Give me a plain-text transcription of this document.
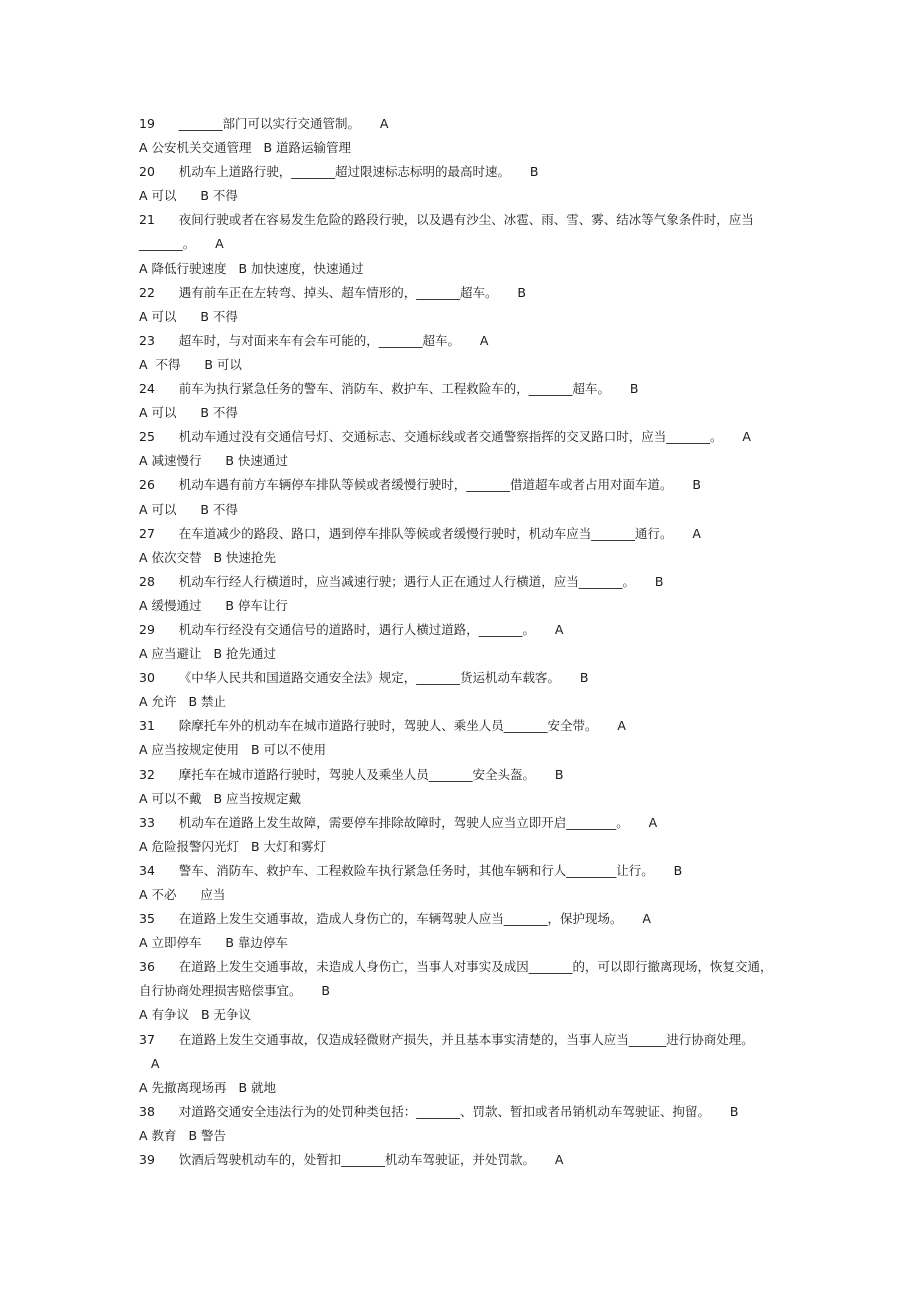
19      _______部门可以实行交通管制。     A
A 公安机关交通管理   B 道路运输管理
20      机动车上道路行驶，_______超过限速标志标明的最高时速。     B
A 可以      B 不得
21      夜间行驶或者在容易发生危险的路段行驶，以及遇有沙尘、冰雹、雨、雪、雾、结冰等气象条件时，应当
_______。     A
A 降低行驶速度   B 加快速度，快速通过
22      遇有前车正在左转弯、掉头、超车情形的，_______超车。     B
A 可以      B 不得
23      超车时，与对面来车有会车可能的，_______超车。     A
A  不得      B 可以
24      前车为执行紧急任务的警车、消防车、救护车、工程救险车的，_______超车。     B
A 可以      B 不得
25      机动车通过没有交通信号灯、交通标志、交通标线或者交通警察指挥的交叉路口时，应当_______。     A
A 减速慢行      B 快速通过
26      机动车遇有前方车辆停车排队等候或者缓慢行驶时，_______借道超车或者占用对面车道。     B
A 可以      B 不得
27      在车道减少的路段、路口，遇到停车排队等候或者缓慢行驶时，机动车应当_______通行。     A
A 依次交替   B 快速抢先
28      机动车行经人行横道时，应当减速行驶；遇行人正在通过人行横道，应当_______。     B
A 缓慢通过      B 停车让行
29      机动车行经没有交通信号的道路时，遇行人横过道路，_______。     A
A 应当避让   B 抢先通过
30      《中华人民共和国道路交通安全法》规定，_______货运机动车载客。     B
A 允许   B 禁止
31      除摩托车外的机动车在城市道路行驶时，驾驶人、乘坐人员_______安全带。     A
A 应当按规定使用   B 可以不使用
32      摩托车在城市道路行驶时，驾驶人及乘坐人员_______安全头盔。     B
A 可以不戴   B 应当按规定戴
33      机动车在道路上发生故障，需要停车排除故障时，驾驶人应当立即开启________。     A
A 危险报警闪光灯   B 大灯和雾灯
34      警车、消防车、救护车、工程救险车执行紧急任务时，其他车辆和行人________让行。     B
A 不必      应当
35      在道路上发生交通事故，造成人身伤亡的，车辆驾驶人应当_______，保护现场。     A
A 立即停车      B 靠边停车
36      在道路上发生交通事故，未造成人身伤亡，当事人对事实及成因_______的，可以即行撤离现场，恢复交通，
自行协商处理损害赔偿事宜。     B
A 有争议   B 无争议
37      在道路上发生交通事故，仅造成轻微财产损失，并且基本事实清楚的，当事人应当______进行协商处理。
A
A 先撤离现场再   B 就地
38      对道路交通安全违法行为的处罚种类包括：_______、罚款、暂扣或者吊销机动车驾驶证、拘留。     B
A 教育   B 警告
39      饮酒后驾驶机动车的，处暂扣_______机动车驾驶证，并处罚款。     A
